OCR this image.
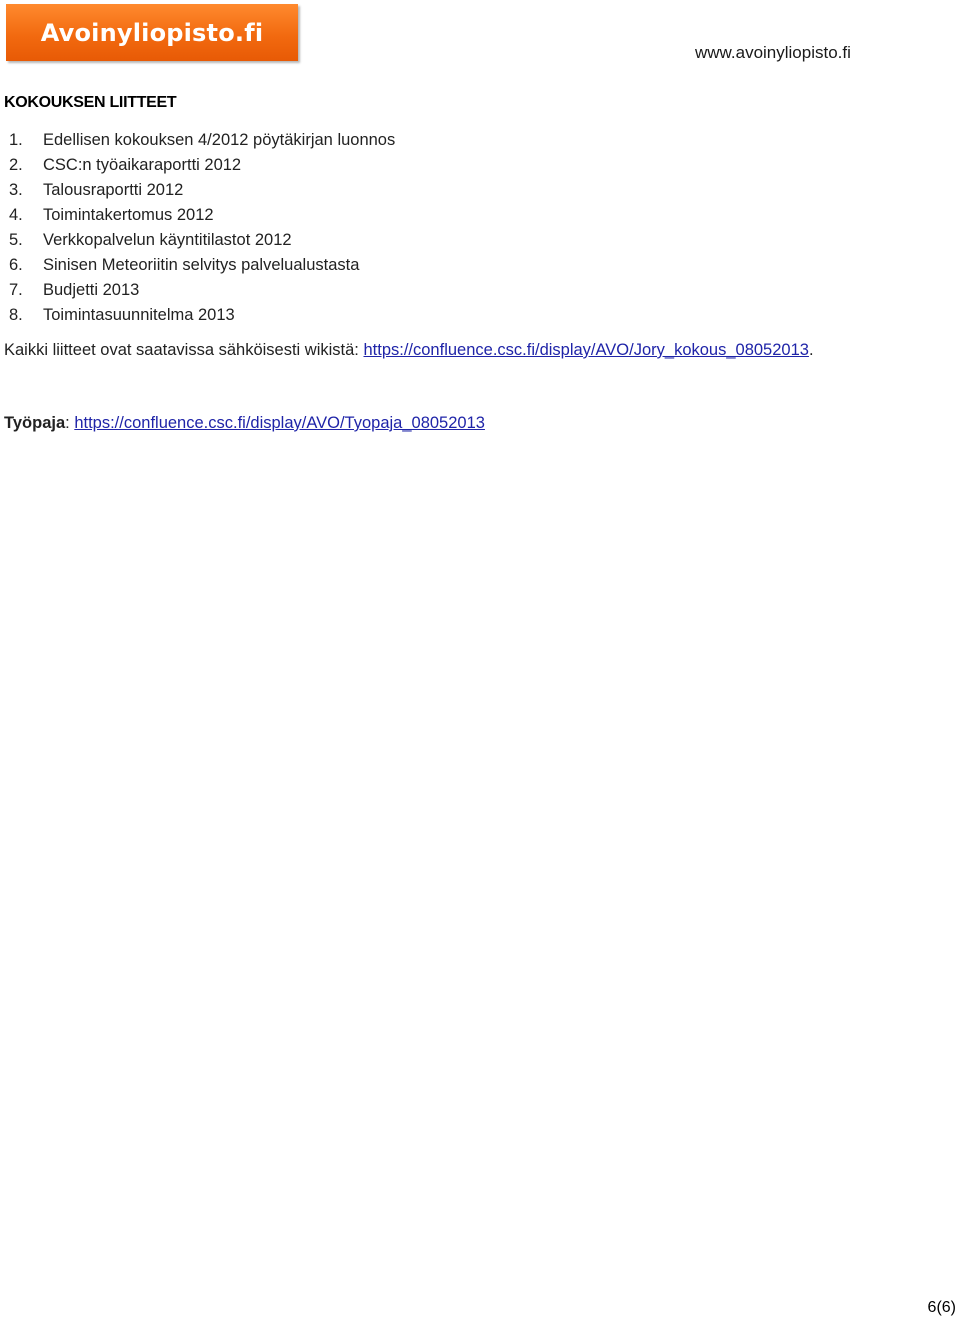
Avoinyliopisto.fi
www.avoinyliopisto.fi
KOKOUKSEN LIITTEET
1. Edellisen kokouksen 4/2012 pöytäkirjan luonnos
2. CSC:n työaikaraportti 2012
3. Talousraportti 2012
4. Toimintakertomus 2012
5. Verkkopalvelun käyntitilastot 2012
6. Sinisen Meteoriitin selvitys palvelualustasta
7. Budjetti 2013
8. Toimintasuunnitelma 2013
Kaikki liitteet ovat saatavissa sähköisesti wikistä: https://confluence.csc.fi/display/AVO/Jory_kokous_08052013.
Työpaja: https://confluence.csc.fi/display/AVO/Tyopaja_08052013
6(6)
